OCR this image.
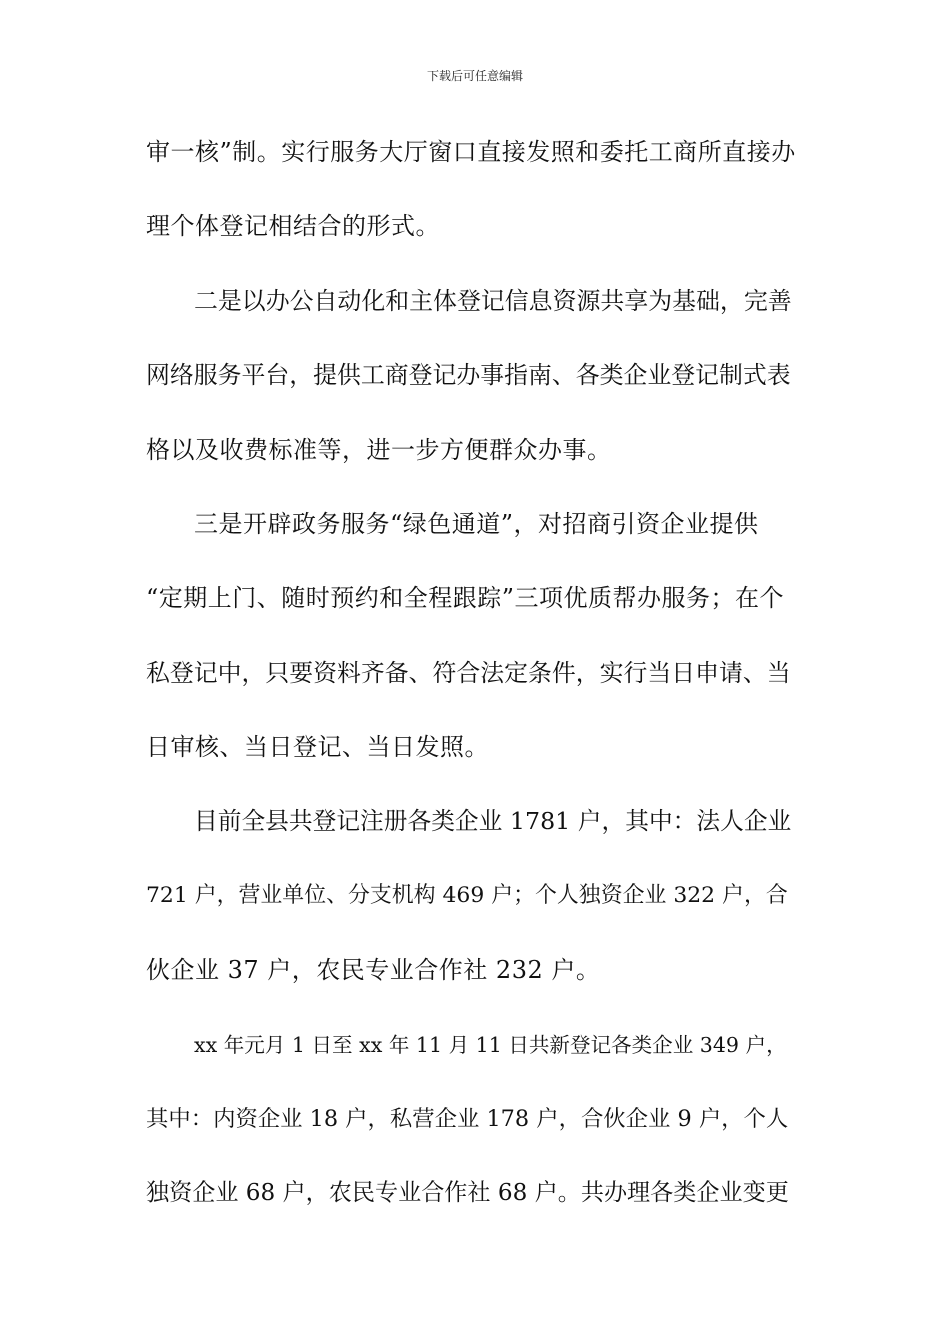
下载后可任意编辑
审一核”制。实行服务大厅窗口直接发照和委托工商所直接办
理个体登记相结合的形式。
二是以办公自动化和主体登记信息资源共享为基础，完善
网络服务平台，提供工商登记办事指南、各类企业登记制式表
格以及收费标准等，进一步方便群众办事。
三是开辟政务服务“绿色通道”，对招商引资企业提供
“定期上门、随时预约和全程跟踪”三项优质帮办服务；在个
私登记中，只要资料齐备、符合法定条件，实行当日申请、当
日审核、当日登记、当日发照。
目前全县共登记注册各类企业 1781 户，其中：法人企业
721 户，营业单位、分支机构 469 户；个人独资企业 322 户，合
伙企业 37 户，农民专业合作社 232 户。
xx 年元月 1 日至 xx 年 11 月 11 日共新登记各类企业 349 户，
其中：内资企业 18 户，私营企业 178 户，合伙企业 9 户，个人
独资企业 68 户，农民专业合作社 68 户。共办理各类企业变更
